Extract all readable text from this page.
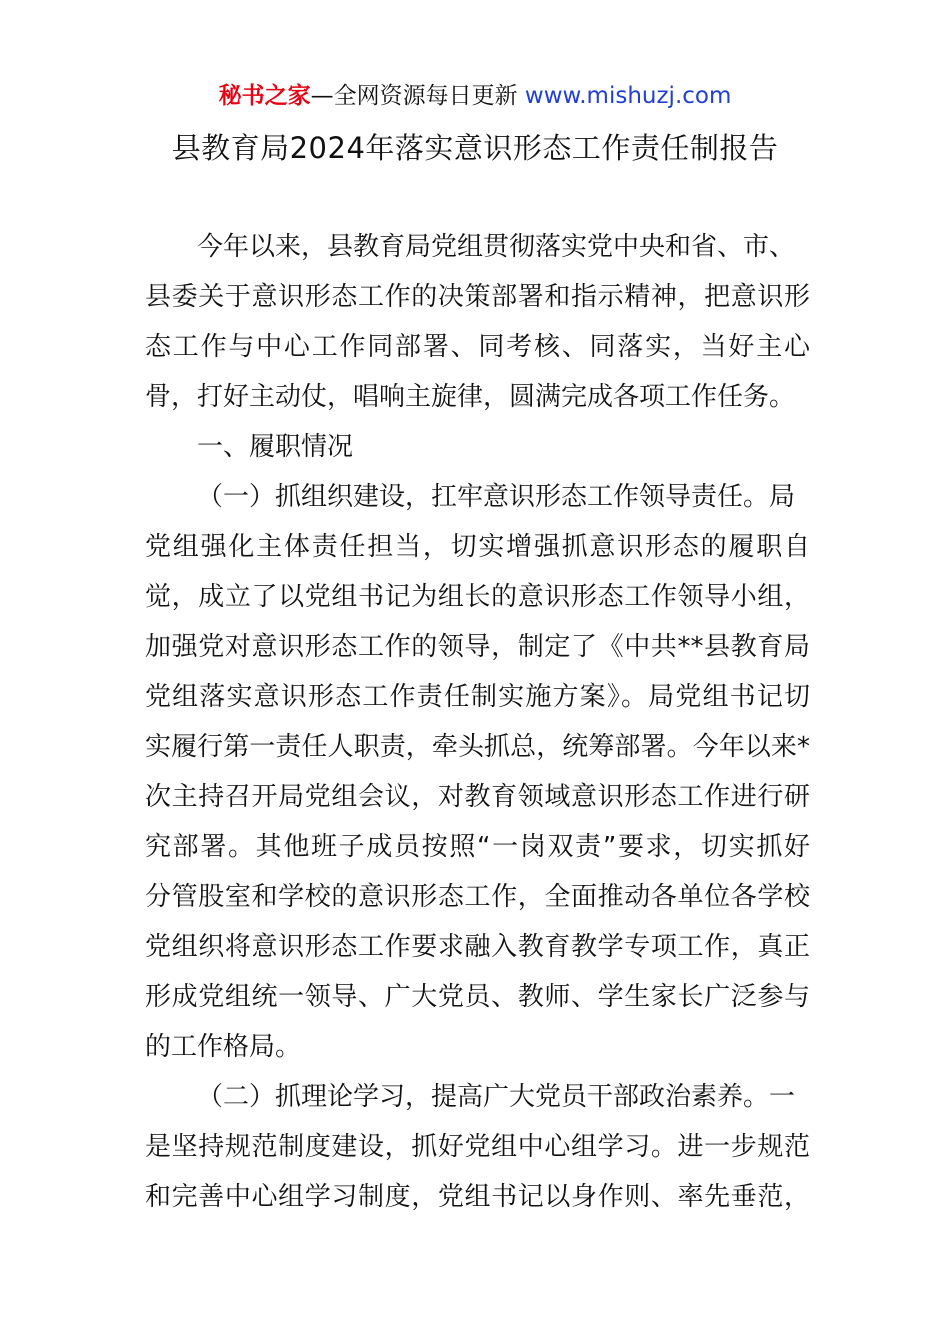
秘书之家—全网资源每日更新 www.mishuzj.com
县教育局2024年落实意识形态工作责任制报告
今年以来，县教育局党组贯彻落实党中央和省、市、
县委关于意识形态工作的决策部署和指示精神，把意识形
态工作与中心工作同部署、同考核、同落实，当好主心
骨，打好主动仗，唱响主旋律，圆满完成各项工作任务。
一、履职情况
（一）抓组织建设，扛牢意识形态工作领导责任。局
党组强化主体责任担当，切实增强抓意识形态的履职自
觉，成立了以党组书记为组长的意识形态工作领导小组，
加强党对意识形态工作的领导，制定了《中共**县教育局
党组落实意识形态工作责任制实施方案》。局党组书记切
实履行第一责任人职责，牵头抓总，统筹部署。今年以来*
次主持召开局党组会议，对教育领域意识形态工作进行研
究部署。其他班子成员按照“一岗双责”要求，切实抓好
分管股室和学校的意识形态工作，全面推动各单位各学校
党组织将意识形态工作要求融入教育教学专项工作，真正
形成党组统一领导、广大党员、教师、学生家长广泛参与
的工作格局。
（二）抓理论学习，提高广大党员干部政治素养。一
是坚持规范制度建设，抓好党组中心组学习。进一步规范
和完善中心组学习制度，党组书记以身作则、率先垂范，
